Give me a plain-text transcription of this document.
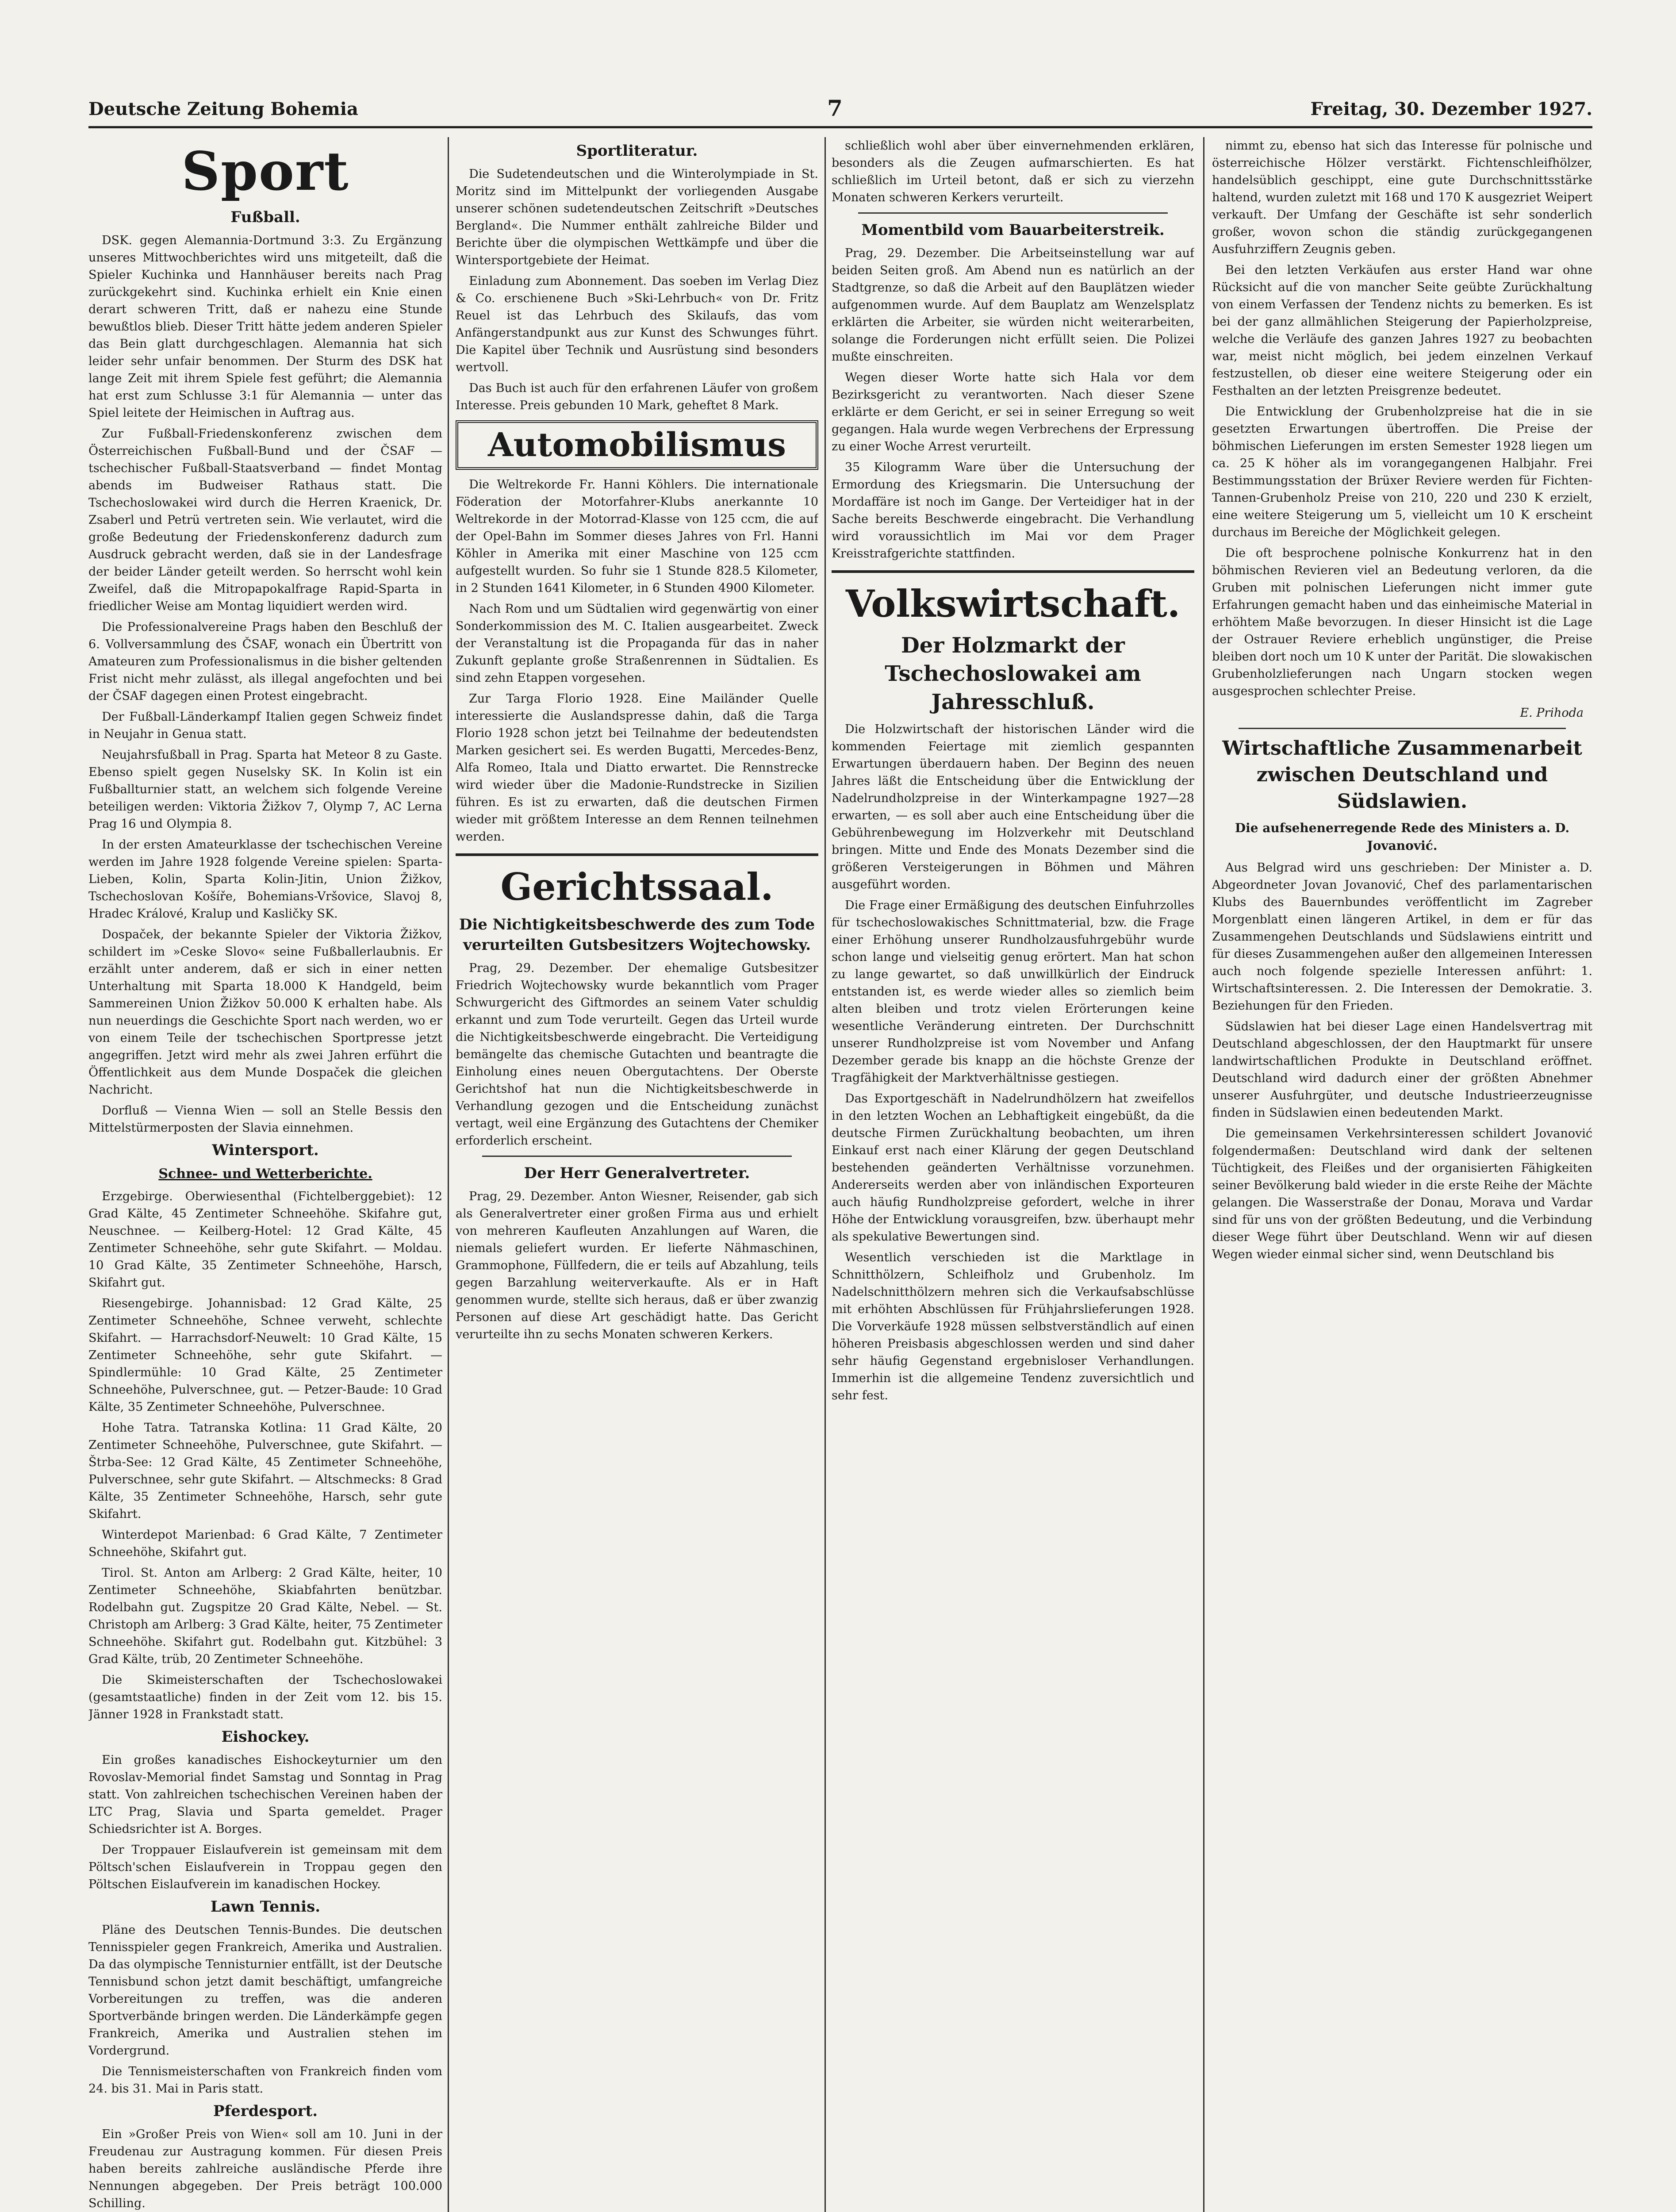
Deutsche Zeitung Bohemia	7	Freitag, 30. Dezember 1927.
Sport
Fußball.

DSK. gegen Alemannia-Dortmund 3:3. Zu Ergänzung unseres Mittwochberichtes wird uns mitgeteilt, daß die Spieler Kuchinka und Hannhäuser bereits nach Prag zurückgekehrt sind. Kuchinka erhielt ein Knie einen derart schweren Tritt, daß er nahezu eine Stunde bewußtlos blieb. Dieser Tritt hätte jedem anderen Spieler das Bein glatt durchgeschlagen. Alemannia hat sich leider sehr unfair benommen. Der Sturm des DSK hat lange Zeit mit ihrem Spiele fest geführt; die Alemannia hat erst zum Schlusse 3:1 für Alemannia — unter das Spiel leitete der Heimischen in Auftrag aus.

Zur Fußball-Friedenskonferenz zwischen dem Österreichischen Fußball-Bund und der ČSAF — tschechischer Fußball-Staatsverband — findet Montag abends im Budweiser Rathaus statt. Die Tschechoslowakei wird durch die Herren Kraenick, Dr. Zsaberl und Petrü vertreten sein. Wie verlautet, wird die große Bedeutung der Friedenskonferenz dadurch zum Ausdruck gebracht werden, daß sie in der Landesfrage der beider Länder geteilt werden. So herrscht wohl kein Zweifel, daß die Mitropapokalfrage Rapid-Sparta in friedlicher Weise am Montag liquidiert werden wird.

Die Professionalvereine Prags haben den Beschluß der 6. Vollversammlung des ČSAF, wonach ein Übertritt von Amateuren zum Professionalismus in die bisher geltenden Frist nicht mehr zulässt, als illegal angefochten und bei der ČSAF dagegen einen Protest eingebracht.

Der Fußball-Länderkampf Italien gegen Schweiz findet in Neujahr in Genua statt.

Neujahrsfußball in Prag. Sparta hat Meteor 8 zu Gaste. Ebenso spielt gegen Nuselsky SK. In Kolin ist ein Fußballturnier statt, an welchem sich folgende Vereine beteiligen werden: Viktoria Žižkov 7, Olymp 7, AC Lerna Prag 16 und Olympia 8.

In der ersten Amateurklasse der tschechischen Vereine werden im Jahre 1928 folgende Vereine spielen: Sparta-Lieben, Kolin, Sparta Kolin-Jitin, Union Žižkov, Tschechoslovan Košíře, Bohemians-Vršovice, Slavoj 8, Hradec Králové, Kralup und Kasličky SK.

Dospaček, der bekannte Spieler der Viktoria Žižkov, schildert im »Ceske Slovo« seine Fußballerlaubnis. Er erzählt unter anderem, daß er sich in einer netten Unterhaltung mit Sparta 18.000 K Handgeld, beim Sammereinen Union Žižkov 50.000 K erhalten habe. Als nun neuerdings die Geschichte Sport nach werden, wo er von einem Teile der tschechischen Sportpresse jetzt angegriffen. Jetzt wird mehr als zwei Jahren erführt die Öffentlichkeit aus dem Munde Dospaček die gleichen Nachricht.

Dorfluß — Vienna Wien — soll an Stelle Bessis den Mittelstürmerposten der Slavia einnehmen.

Wintersport.
Schnee- und Wetterberichte.

Erzgebirge. Oberwiesenthal (Fichtelberggebiet): 12 Grad Kälte, 45 Zentimeter Schneehöhe. Skifahre gut, Neuschnee. — Keilberg-Hotel: 12 Grad Kälte, 45 Zentimeter Schneehöhe, sehr gute Skifahrt. — Moldau. 10 Grad Kälte, 35 Zentimeter Schneehöhe, Harsch, Skifahrt gut.

Riesengebirge. Johannisbad: 12 Grad Kälte, 25 Zentimeter Schneehöhe, Schnee verweht, schlechte Skifahrt. — Harrachsdorf-Neuwelt: 10 Grad Kälte, 15 Zentimeter Schneehöhe, sehr gute Skifahrt. — Spindlermühle: 10 Grad Kälte, 25 Zentimeter Schneehöhe, Pulverschnee, gut. — Petzer-Baude: 10 Grad Kälte, 35 Zentimeter Schneehöhe, Pulverschnee.

Hohe Tatra. Tatranska Kotlina: 11 Grad Kälte, 20 Zentimeter Schneehöhe, Pulverschnee, gute Skifahrt. — Štrba-See: 12 Grad Kälte, 45 Zentimeter Schneehöhe, Pulverschnee, sehr gute Skifahrt. — Altschmecks: 8 Grad Kälte, 35 Zentimeter Schneehöhe, Harsch, sehr gute Skifahrt.

Winterdepot Marienbad: 6 Grad Kälte, 7 Zentimeter Schneehöhe, Skifahrt gut.

Tirol. St. Anton am Arlberg: 2 Grad Kälte, heiter, 10 Zentimeter Schneehöhe, Skiabfahrten benützbar. Rodelbahn gut. Zugspitze 20 Grad Kälte, Nebel. — St. Christoph am Arlberg: 3 Grad Kälte, heiter, 75 Zentimeter Schneehöhe. Skifahrt gut. Rodelbahn gut. Kitzbühel: 3 Grad Kälte, trüb, 20 Zentimeter Schneehöhe.

Die Skimeisterschaften der Tschechoslowakei (gesamtstaatliche) finden in der Zeit vom 12. bis 15. Jänner 1928 in Frankstadt statt.

Eishockey.

Ein großes kanadisches Eishockeyturnier um den Rovoslav-Memorial findet Samstag und Sonntag in Prag statt. Von zahlreichen tschechischen Vereinen haben der LTC Prag, Slavia und Sparta gemeldet. Prager Schiedsrichter ist A. Borges.

Der Troppauer Eislaufverein ist gemeinsam mit dem Pöltsch'schen Eislaufverein in Troppau gegen den Pöltschen Eislaufverein im kanadischen Hockey.

Lawn Tennis.

Pläne des Deutschen Tennis-Bundes. Die deutschen Tennisspieler gegen Frankreich, Amerika und Australien. Da das olympische Tennisturnier entfällt, ist der Deutsche Tennisbund schon jetzt damit beschäftigt, umfangreiche Vorbereitungen zu treffen, was die anderen Sportverbände bringen werden. Die Länderkämpfe gegen Frankreich, Amerika und Australien stehen im Vordergrund.

Die Tennismeisterschaften von Frankreich finden vom 24. bis 31. Mai in Paris statt.

Pferdesport.

Ein »Großer Preis von Wien« soll am 10. Juni in der Freudenau zur Austragung kommen. Für diesen Preis haben bereits zahlreiche ausländische Pferde ihre Nennungen abgegeben. Der Preis beträgt 100.000 Schilling.

Sportliteratur.

Die Sudetendeutschen und die Winterolympiade in St. Moritz sind im Mittelpunkt der vorliegenden Ausgabe unserer schönen sudetendeutschen Zeitschrift »Deutsches Bergland«. Die Nummer enthält zahlreiche Bilder und Berichte über die olympischen Wettkämpfe und über die Wintersportgebiete der Heimat.

Einladung zum Abonnement. Das soeben im Verlag Diez & Co. erschienene Buch »Ski-Lehrbuch« von Dr. Fritz Reuel ist das Lehrbuch des Skilaufs, das vom Anfängerstandpunkt aus zur Kunst des Schwunges führt. Die Kapitel über Technik und Ausrüstung sind besonders wertvoll.

Das Buch ist auch für den erfahrenen Läufer von großem Interesse. Preis gebunden 10 Mark, geheftet 8 Mark.

Automobilismus

Die Weltrekorde Fr. Hanni Köhlers. Die internationale Föderation der Motorfahrer-Klubs anerkannte 10 Weltrekorde in der Motorrad-Klasse von 125 ccm, die auf der Opel-Bahn im Sommer dieses Jahres von Frl. Hanni Köhler in Amerika mit einer Maschine von 125 ccm aufgestellt wurden. So fuhr sie 1 Stunde 828.5 Kilometer, in 2 Stunden 1641 Kilometer, in 6 Stunden 4900 Kilometer.

Nach Rom und um Südtalien wird gegenwärtig von einer Sonderkommission des M. C. Italien ausgearbeitet. Zweck der Veranstaltung ist die Propaganda für das in naher Zukunft geplante große Straßenrennen in Südtalien. Es sind zehn Etappen vorgesehen.

Zur Targa Florio 1928. Eine Mailänder Quelle interessierte die Auslandspresse dahin, daß die Targa Florio 1928 schon jetzt bei Teilnahme der bedeutendsten Marken gesichert sei. Es werden Bugatti, Mercedes-Benz, Alfa Romeo, Itala und Diatto erwartet. Die Rennstrecke wird wieder über die Madonie-Rundstrecke in Sizilien führen. Es ist zu erwarten, daß die deutschen Firmen wieder mit größtem Interesse an dem Rennen teilnehmen werden.

Gerichtssaal.
Die Nichtigkeitsbeschwerde des zum Tode verurteilten Gutsbesitzers Wojtechowsky.

Prag, 29. Dezember. Der ehemalige Gutsbesitzer Friedrich Wojtechowsky wurde bekanntlich vom Prager Schwurgericht des Giftmordes an seinem Vater schuldig erkannt und zum Tode verurteilt. Gegen das Urteil wurde die Nichtigkeitsbeschwerde eingebracht. Die Verteidigung bemängelte das chemische Gutachten und beantragte die Einholung eines neuen Obergutachtens. Der Oberste Gerichtshof hat nun die Nichtigkeitsbeschwerde in Verhandlung gezogen und die Entscheidung zunächst vertagt, weil eine Ergänzung des Gutachtens der Chemiker erforderlich erscheint.

Der Herr Generalvertreter.

Prag, 29. Dezember. Anton Wiesner, Reisender, gab sich als Generalvertreter einer großen Firma aus und erhielt von mehreren Kaufleuten Anzahlungen auf Waren, die niemals geliefert wurden. Er lieferte Nähmaschinen, Grammophone, Füllfedern, die er teils auf Abzahlung, teils gegen Barzahlung weiterverkaufte. Als er in Haft genommen wurde, stellte sich heraus, daß er über zwanzig Personen auf diese Art geschädigt hatte. Das Gericht verurteilte ihn zu sechs Monaten schweren Kerkers.

schließlich wohl aber über einvernehmenden erklären, besonders als die Zeugen aufmarschierten. Es hat schließlich im Urteil betont, daß er sich zu vierzehn Monaten schweren Kerkers verurteilt.

Momentbild vom Bauarbeiterstreik.

Prag, 29. Dezember. Die Arbeitseinstellung war auf beiden Seiten groß. Am Abend nun es natürlich an der Stadtgrenze, so daß die Arbeit auf den Bauplätzen wieder aufgenommen wurde. Auf dem Bauplatz am Wenzelsplatz erklärten die Arbeiter, sie würden nicht weiterarbeiten, solange die Forderungen nicht erfüllt seien. Die Polizei mußte einschreiten.

Wegen dieser Worte hatte sich Hala vor dem Bezirksgericht zu verantworten. Nach dieser Szene erklärte er dem Gericht, er sei in seiner Erregung so weit gegangen. Hala wurde wegen Verbrechens der Erpressung zu einer Woche Arrest verurteilt.

35 Kilogramm Ware über die Untersuchung der Ermordung des Kriegsmarin. Die Untersuchung der Mordaffäre ist noch im Gange. Der Verteidiger hat in der Sache bereits Beschwerde eingebracht. Die Verhandlung wird voraussichtlich im Mai vor dem Prager Kreisstrafgerichte stattfinden.

Volkswirtschaft.
Der Holzmarkt der Tschechoslowakei am Jahresschluß.

Die Holzwirtschaft der historischen Länder wird die kommenden Feiertage mit ziemlich gespannten Erwartungen überdauern haben. Der Beginn des neuen Jahres läßt die Entscheidung über die Entwicklung der Nadelrundholzpreise in der Winterkampagne 1927—28 erwarten, — es soll aber auch eine Entscheidung über die Gebührenbewegung im Holzverkehr mit Deutschland bringen. Mitte und Ende des Monats Dezember sind die größeren Versteigerungen in Böhmen und Mähren ausgeführt worden.

Die Frage einer Ermäßigung des deutschen Einfuhrzolles für tschechoslowakisches Schnittmaterial, bzw. die Frage einer Erhöhung unserer Rundholzausfuhrgebühr wurde schon lange und vielseitig genug erörtert. Man hat schon zu lange gewartet, so daß unwillkürlich der Eindruck entstanden ist, es werde wieder alles so ziemlich beim alten bleiben und trotz vielen Erörterungen keine wesentliche Veränderung eintreten. Der Durchschnitt unserer Rundholzpreise ist vom November und Anfang Dezember gerade bis knapp an die höchste Grenze der Tragfähigkeit der Marktverhältnisse gestiegen.

Das Exportgeschäft in Nadelrundhölzern hat zweifellos in den letzten Wochen an Lebhaftigkeit eingebüßt, da die deutsche Firmen Zurückhaltung beobachten, um ihren Einkauf erst nach einer Klärung der gegen Deutschland bestehenden geänderten Verhältnisse vorzunehmen. Andererseits werden aber von inländischen Exporteuren auch häufig Rundholzpreise gefordert, welche in ihrer Höhe der Entwicklung vorausgreifen, bzw. überhaupt mehr als spekulative Bewertungen sind.

Wesentlich verschieden ist die Marktlage in Schnitthölzern, Schleifholz und Grubenholz. Im Nadelschnitthölzern mehren sich die Verkaufsabschlüsse mit erhöhten Abschlüssen für Frühjahrslieferungen 1928. Die Vorverkäufe 1928 müssen selbstverständlich auf einen höheren Preisbasis abgeschlossen werden und sind daher sehr häufig Gegenstand ergebnisloser Verhandlungen. Immerhin ist die allgemeine Tendenz zuversichtlich und sehr fest.

nimmt zu, ebenso hat sich das Interesse für polnische und österreichische Hölzer verstärkt. Fichtenschleifhölzer, handelsüblich geschippt, eine gute Durchschnittsstärke haltend, wurden zuletzt mit 168 und 170 K ausgezriet Weipert verkauft. Der Umfang der Geschäfte ist sehr sonderlich großer, wovon schon die ständig zurückgegangenen Ausfuhrziffern Zeugnis geben.

Bei den letzten Verkäufen aus erster Hand war ohne Rücksicht auf die von mancher Seite geübte Zurückhaltung von einem Verfassen der Tendenz nichts zu bemerken. Es ist bei der ganz allmählichen Steigerung der Papierholzpreise, welche die Verläufe des ganzen Jahres 1927 zu beobachten war, meist nicht möglich, bei jedem einzelnen Verkauf festzustellen, ob dieser eine weitere Steigerung oder ein Festhalten an der letzten Preisgrenze bedeutet.

Die Entwicklung der Grubenholzpreise hat die in sie gesetzten Erwartungen übertroffen. Die Preise der böhmischen Lieferungen im ersten Semester 1928 liegen um ca. 25 K höher als im vorangegangenen Halbjahr. Frei Bestimmungsstation der Brüxer Reviere werden für Fichten-Tannen-Grubenholz Preise von 210, 220 und 230 K erzielt, eine weitere Steigerung um 5, vielleicht um 10 K erscheint durchaus im Bereiche der Möglichkeit gelegen.

Die oft besprochene polnische Konkurrenz hat in den böhmischen Revieren viel an Bedeutung verloren, da die Gruben mit polnischen Lieferungen nicht immer gute Erfahrungen gemacht haben und das einheimische Material in erhöhtem Maße bevorzugen. In dieser Hinsicht ist die Lage der Ostrauer Reviere erheblich ungünstiger, die Preise bleiben dort noch um 10 K unter der Parität. Die slowakischen Grubenholzlieferungen nach Ungarn stocken wegen ausgesprochen schlechter Preise.

E. Prihoda
Wirtschaftliche Zusammenarbeit zwischen Deutschland und Südslawien.
Die aufsehenerregende Rede des Ministers a. D. Jovanović.

Aus Belgrad wird uns geschrieben: Der Minister a. D. Abgeordneter Jovan Jovanović, Chef des parlamentarischen Klubs des Bauernbundes veröffentlicht im Zagreber Morgenblatt einen längeren Artikel, in dem er für das Zusammengehen Deutschlands und Südslawiens eintritt und für dieses Zusammengehen außer den allgemeinen Interessen auch noch folgende spezielle Interessen anführt: 1. Wirtschaftsinteressen. 2. Die Interessen der Demokratie. 3. Beziehungen für den Frieden.

Südslawien hat bei dieser Lage einen Handelsvertrag mit Deutschland abgeschlossen, der den Hauptmarkt für unsere landwirtschaftlichen Produkte in Deutschland eröffnet. Deutschland wird dadurch einer der größten Abnehmer unserer Ausfuhrgüter, und deutsche Industrieerzeugnisse finden in Südslawien einen bedeutenden Markt.

Die gemeinsamen Verkehrsinteressen schildert Jovanović folgendermaßen: Deutschland wird dank der seltenen Tüchtigkeit, des Fleißes und der organisierten Fähigkeiten seiner Bevölkerung bald wieder in die erste Reihe der Mächte gelangen. Die Wasserstraße der Donau, Morava und Vardar sind für uns von der größten Bedeutung, und die Verbindung dieser Wege führt über Deutschland. Wenn wir auf diesen Wegen wieder einmal sicher sind, wenn Deutschland bis
